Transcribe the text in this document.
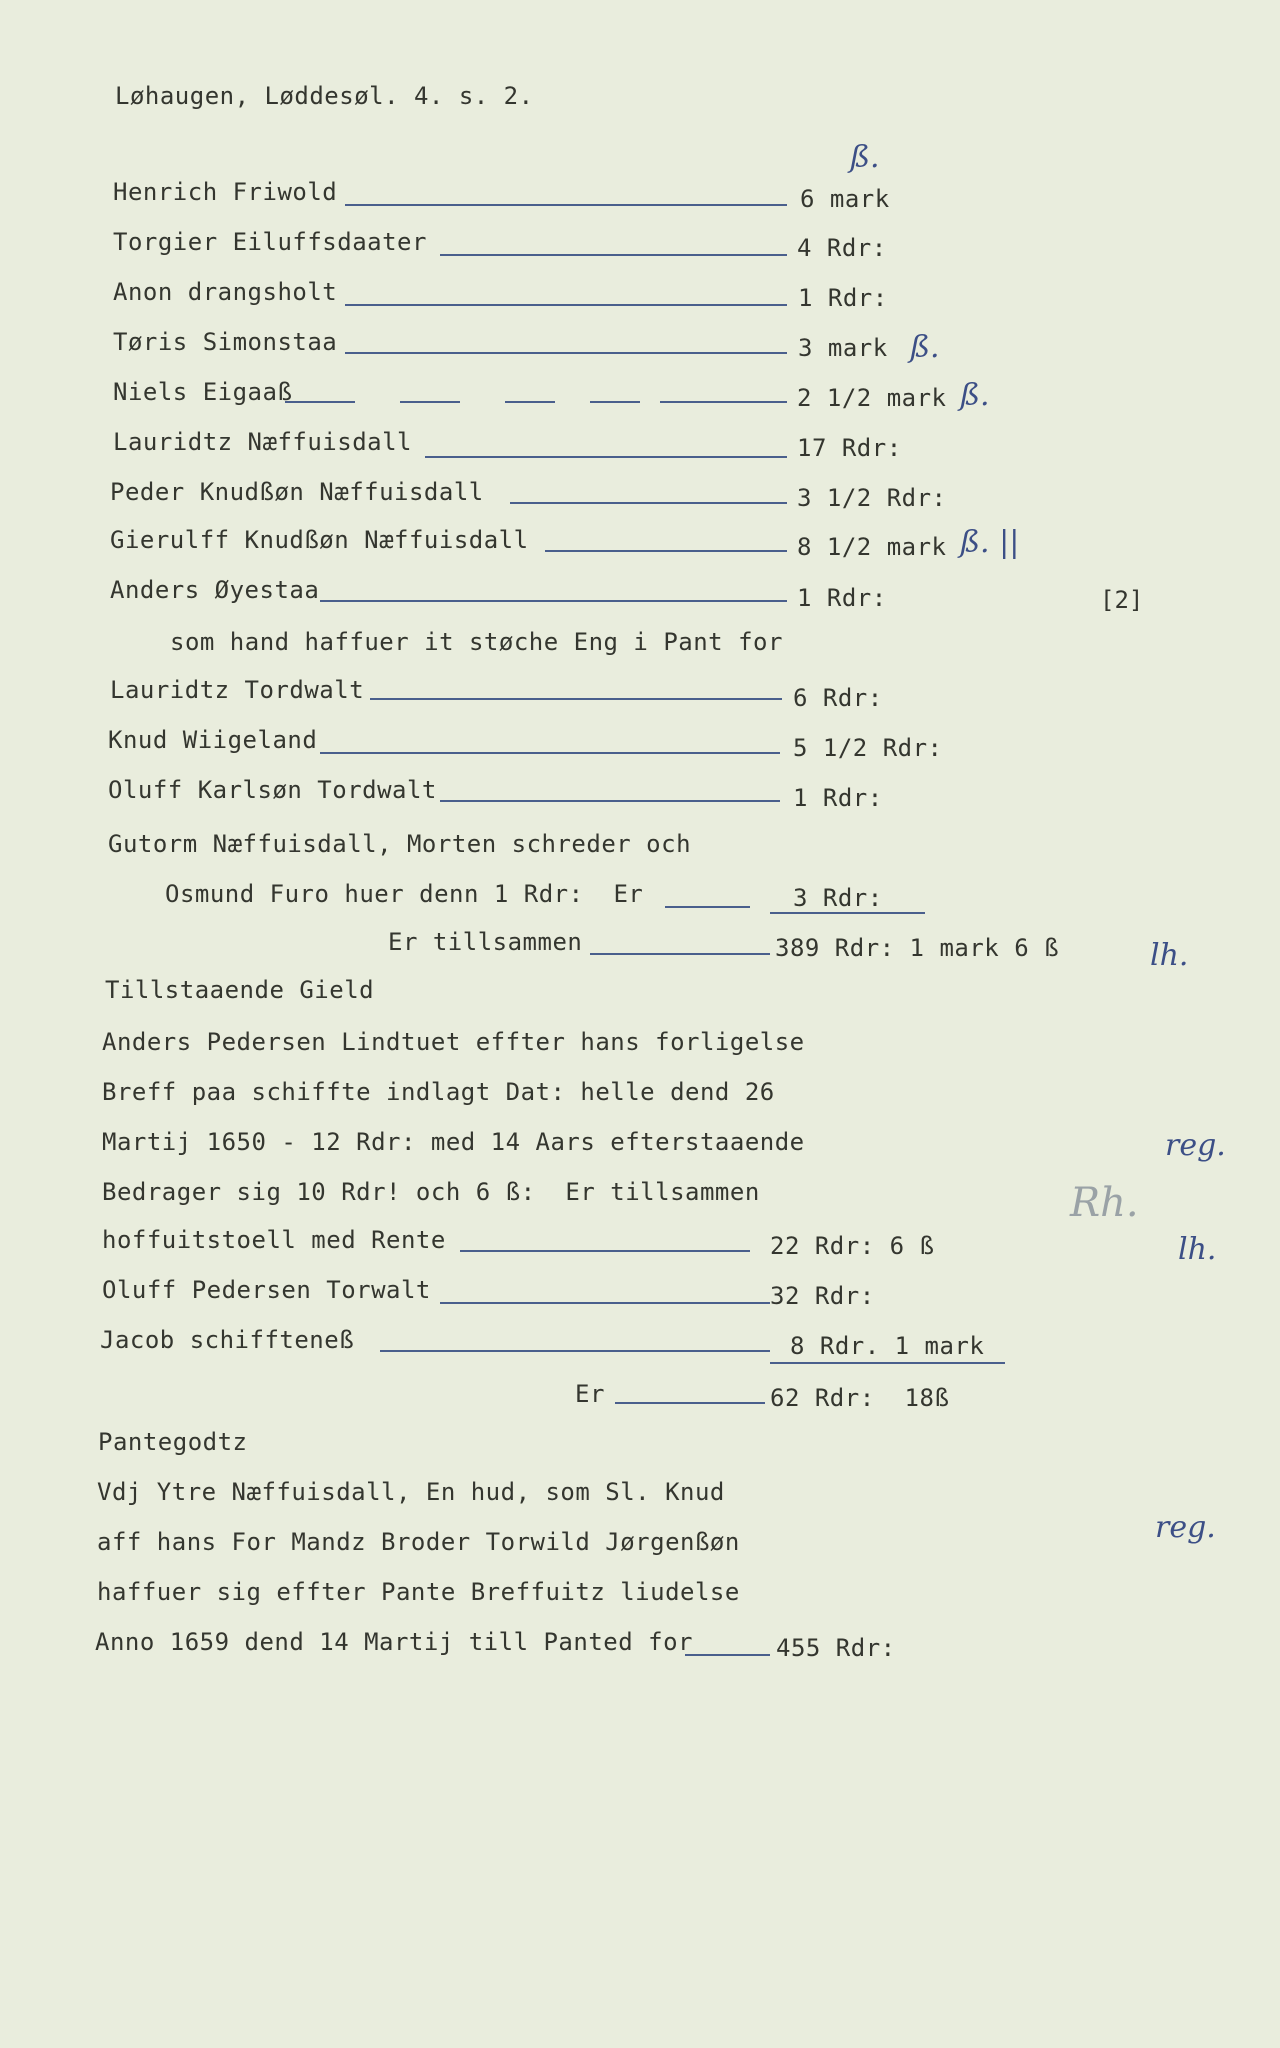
Løhaugen, Løddesøl. 4. s. 2.
Henrich Friwold	6 mark
ß.
Torgier Eiluffsdaater	4 Rdr:
Anon drangsholt	1 Rdr:
Tøris Simonstaa	3 mark ß.
Niels Eigaaß	2 1/2 mark ß.
Lauridtz Næffuisdall	17 Rdr:
Peder Knudßøn Næffuisdall	3 1/2 Rdr:
Gierulff Knudßøn Næffuisdall	8 1/2 mark ß. ||
Anders Øyestaa	1 Rdr:	[2]
som hand haffuer it støche Eng i Pant for
Lauridtz Tordwalt	6 Rdr:
Knud Wiigeland	5 1/2 Rdr:
Oluff Karlsøn Tordwalt	1 Rdr:
Gutorm Næffuisdall, Morten schreder och
Osmund Furo huer denn 1 Rdr:  Er	3 Rdr:
Er tillsammen	389 Rdr: 1 mark 6 ß	lh.
Tillstaaende Gield
Anders Pedersen Lindtuet effter hans forligelse
Breff paa schiffte indlagt Dat: helle dend 26
Martij 1650 - 12 Rdr: med 14 Aars efterstaaende	reg.
Bedrager sig 10 Rdr! och 6 ß:  Er tillsammen	Rh.
hoffuitstoell med Rente	22 Rdr: 6 ß	lh.
Oluff Pedersen Torwalt	32 Rdr:
Jacob schiffteneß	8 Rdr. 1 mark
Er	62 Rdr:  18ß
Pantegodtz
Vdj Ytre Næffuisdall, En hud, som Sl. Knud
aff hans For Mandz Broder Torwild Jørgenßøn	reg.
haffuer sig effter Pante Breffuitz liudelse
Anno 1659 dend 14 Martij till Panted for	455 Rdr:
